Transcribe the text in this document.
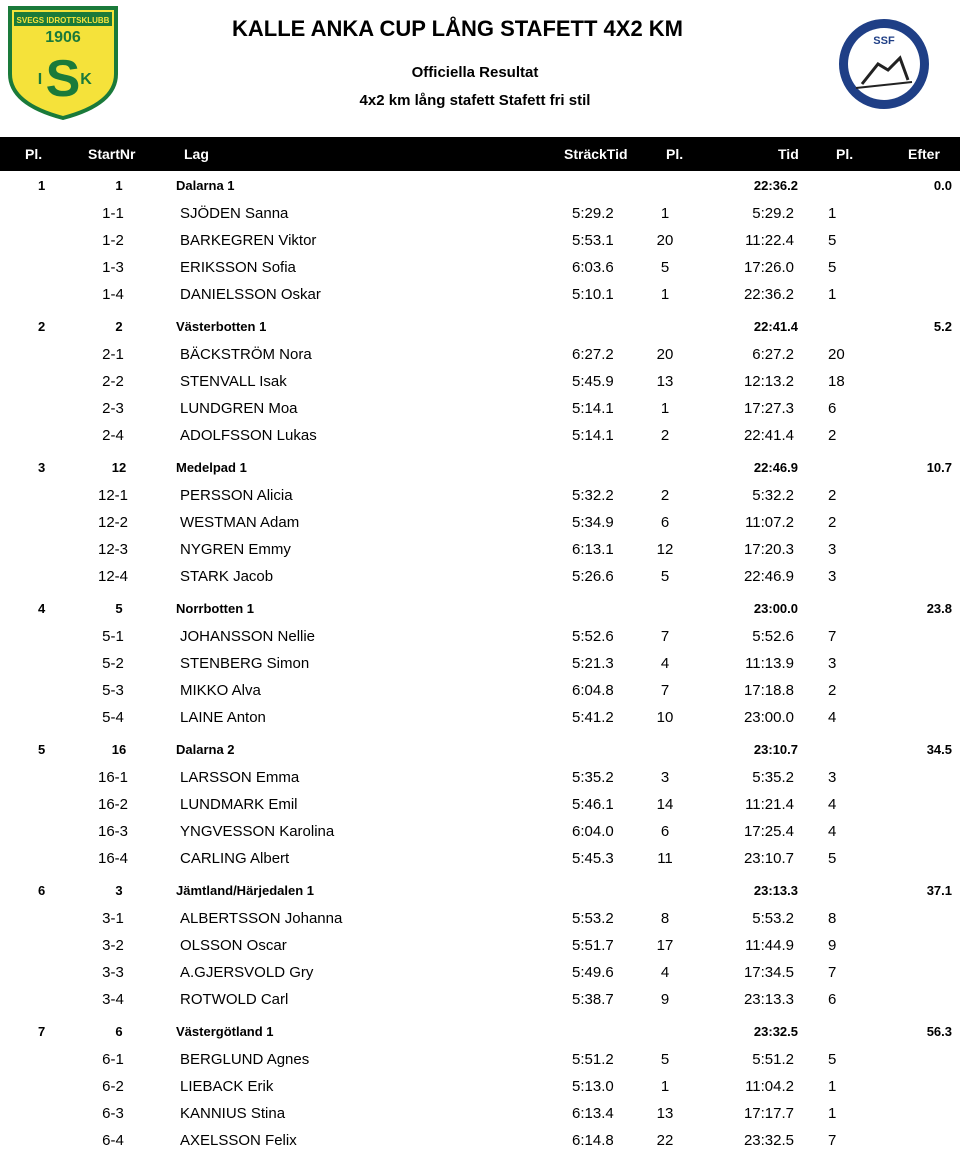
SVEGS IDROTTSKLUBB
1906
S
I K
SSF
KALLE ANKA CUP LÅNG STAFETT 4X2 KM
Officiella Resultat
4x2 km lång stafett Stafett fri stil
Pl.	StartNr	Lag	SträckTid	Pl.	Tid	Pl.	Efter
1	1	Dalarna 1	22:36.2	0.0
1-1	SJÖDEN Sanna	5:29.2	1	5:29.2 1
1-2	BARKEGREN Viktor	5:53.1	20	11:22.4 5
1-3	ERIKSSON Sofia	6:03.6	5	17:26.0 5
1-4	DANIELSSON Oskar	5:10.1	1	22:36.2 1
2	2	Västerbotten 1	22:41.4	5.2
2-1	BÄCKSTRÖM Nora	6:27.2	20	6:27.2 20
2-2	STENVALL Isak	5:45.9	13	12:13.2 18
2-3	LUNDGREN Moa	5:14.1	1	17:27.3 6
2-4	ADOLFSSON Lukas	5:14.1	2	22:41.4 2
3	12	Medelpad 1	22:46.9	10.7
12-1	PERSSON Alicia	5:32.2	2	5:32.2 2
12-2	WESTMAN Adam	5:34.9	6	11:07.2 2
12-3	NYGREN Emmy	6:13.1	12	17:20.3 3
12-4	STARK Jacob	5:26.6	5	22:46.9 3
4	5	Norrbotten 1	23:00.0	23.8
5-1	JOHANSSON Nellie	5:52.6	7	5:52.6 7
5-2	STENBERG Simon	5:21.3	4	11:13.9 3
5-3	MIKKO Alva	6:04.8	7	17:18.8 2
5-4	LAINE Anton	5:41.2	10	23:00.0 4
5	16	Dalarna 2	23:10.7	34.5
16-1	LARSSON Emma	5:35.2	3	5:35.2 3
16-2	LUNDMARK Emil	5:46.1	14	11:21.4 4
16-3	YNGVESSON Karolina	6:04.0	6	17:25.4 4
16-4	CARLING Albert	5:45.3	11	23:10.7 5
6	3	Jämtland/Härjedalen 1	23:13.3	37.1
3-1	ALBERTSSON Johanna	5:53.2	8	5:53.2 8
3-2	OLSSON Oscar	5:51.7	17	11:44.9 9
3-3	A.GJERSVOLD Gry	5:49.6	4	17:34.5 7
3-4	ROTWOLD Carl	5:38.7	9	23:13.3 6
7	6	Västergötland 1	23:32.5	56.3
6-1	BERGLUND Agnes	5:51.2	5	5:51.2 5
6-2	LIEBACK Erik	5:13.0	1	11:04.2 1
6-3	KANNIUS Stina	6:13.4	13	17:17.7 1
6-4	AXELSSON Felix	6:14.8	22	23:32.5 7
